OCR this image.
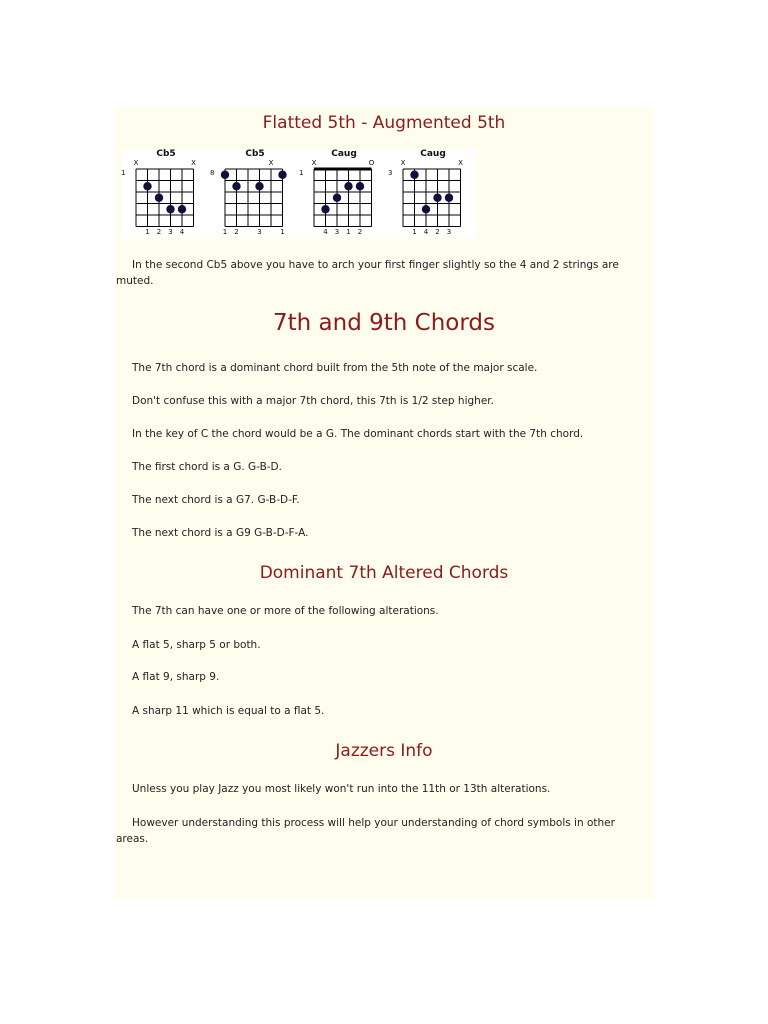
Flatted 5th - Augmented 5th
Cb5
1
X	X
1 2 3 4
Cb5
8
X
1 2	3	1
Caug
1
X	O
4 3 1 2
Caug
3
X	X
1 4 2 3

In the second Cb5 above you have to arch your first finger slightly so the 4 and 2 strings are muted.

7th and 9th Chords

The 7th chord is a dominant chord built from the 5th note of the major scale.

Don't confuse this with a major 7th chord, this 7th is 1/2 step higher.

In the key of C the chord would be a G. The dominant chords start with the 7th chord.

The first chord is a G. G-B-D.

The next chord is a G7. G-B-D-F.

The next chord is a G9 G-B-D-F-A.

Dominant 7th Altered Chords

The 7th can have one or more of the following alterations.

A flat 5, sharp 5 or both.

A flat 9, sharp 9.

A sharp 11 which is equal to a flat 5.

Jazzers Info

Unless you play Jazz you most likely won't run into the 11th or 13th alterations.

However understanding this process will help your understanding of chord symbols in other areas.
